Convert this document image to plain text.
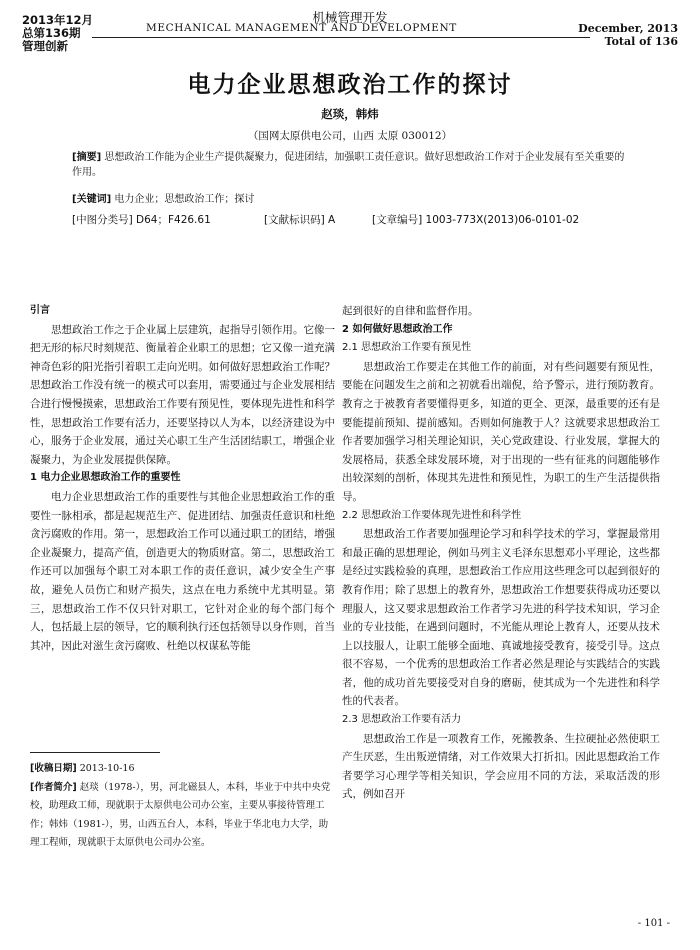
2013年12月
总第136期
管理创新
机械管理开发
MECHANICAL MANAGEMENT AND DEVELOPMENT	December, 2013
Total of 136
电力企业思想政治工作的探讨
赵琰，韩炜
（国网太原供电公司，山西 太原 030012）
[摘要] 思想政治工作能为企业生产提供凝聚力，促进团结，加强职工责任意识。做好思想政治工作对于企业发展有至关重要的作用。
[关键词] 电力企业；思想政治工作；探讨
[中图分类号] D64；F426.61	[文献标识码] A	[文章编号] 1003-773X(2013)06-0101-02

引言

思想政治工作之于企业属上层建筑，起指导引领作用。它像一把无形的标尺时刻规范、衡量着企业职工的思想；它又像一道充满神奇色彩的阳光指引着职工走向光明。如何做好思想政治工作呢？思想政治工作没有统一的模式可以套用，需要通过与企业发展相结合进行慢慢摸索，思想政治工作要有预见性，要体现先进性和科学性，思想政治工作要有活力，还要坚持以人为本，以经济建设为中心，服务于企业发展，通过关心职工生产生活团结职工，增强企业凝聚力，为企业发展提供保障。

1 电力企业思想政治工作的重要性

电力企业思想政治工作的重要性与其他企业思想政治工作的重要性一脉相承，都是起规范生产、促进团结、加强责任意识和杜绝贪污腐败的作用。第一，思想政治工作可以通过职工的团结，增强企业凝聚力，提高产值，创造更大的物质财富。第二，思想政治工作还可以加强每个职工对本职工作的责任意识，减少安全生产事故，避免人员伤亡和财产损失，这点在电力系统中尤其明显。第三，思想政治工作不仅只针对职工，它针对企业的每个部门每个人，包括最上层的领导，它的顺利执行还包括领导以身作则，首当其冲，因此对滋生贪污腐败、杜绝以权谋私等能

起到很好的自律和监督作用。

2 如何做好思想政治工作

2.1 思想政治工作要有预见性

思想政治工作要走在其他工作的前面，对有些问题要有预见性，要能在问题发生之前和之初就看出端倪，给予警示，进行预防教育。教育之于被教育者要懂得更多，知道的更全、更深，最重要的还有是要能提前预知、提前感知。否则如何施教于人？这就要求思想政治工作者要加强学习相关理论知识，关心党政建设、行业发展，掌握大的发展格局，获悉全球发展环境，对于出现的一些有征兆的问题能够作出较深刻的剖析，体现其先进性和预见性，为职工的生产生活提供指导。

2.2 思想政治工作要体现先进性和科学性

思想政治工作者要加强理论学习和科学技术的学习，掌握最常用和最正确的思想理论，例如马列主义毛泽东思想邓小平理论，这些都是经过实践检验的真理，思想政治工作应用这些理念可以起到很好的教育作用；除了思想上的教育外，思想政治工作想要获得成功还要以理服人，这又要求思想政治工作者学习先进的科学技术知识，学习企业的专业技能，在遇到问题时，不光能从理论上教育人，还要从技术上以技服人，让职工能够全面地、真诚地接受教育，接受引导。这点很不容易，一个优秀的思想政治工作者必然是理论与实践结合的实践者，他的成功首先要接受对自身的磨砺，使其成为一个先进性和科学性的代表者。

2.3 思想政治工作要有活力

思想政治工作是一项教育工作，死搬教条、生拉硬扯必然使职工产生厌恶，生出叛逆情绪，对工作效果大打折扣。因此思想政治工作者要学习心理学等相关知识，学会应用不同的方法，采取活泼的形式，例如召开

[收稿日期] 2013-10-16

[作者简介] 赵琰（1978-），男，河北磁县人，本科，毕业于中共中央党校，助理政工师，现就职于太原供电公司办公室，主要从事接待管理工作；韩炜（1981-），男，山西五台人，本科，毕业于华北电力大学，助理工程师，现就职于太原供电公司办公室。

- 101 -
